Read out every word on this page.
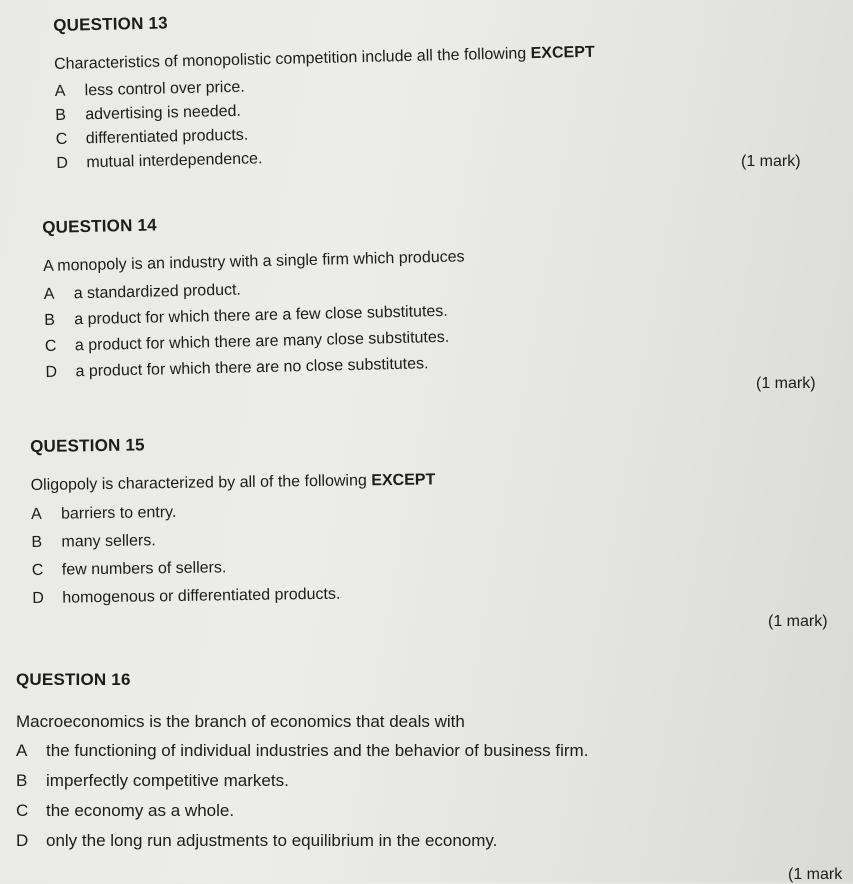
QUESTION 13
Characteristics of monopolistic competition include all the following EXCEPT
A	less control over price.
B	advertising is needed.
C	differentiated products.
D	mutual interdependence.	(1 mark)
QUESTION 14
A monopoly is an industry with a single firm which produces
A	a standardized product.
B	a product for which there are a few close substitutes.
C	a product for which there are many close substitutes.
D	a product for which there are no close substitutes.
(1 mark)
QUESTION 15
Oligopoly is characterized by all of the following EXCEPT
A	barriers to entry.
B	many sellers.
C	few numbers of sellers.
D	homogenous or differentiated products.
(1 mark)
QUESTION 16
Macroeconomics is the branch of economics that deals with
A	the functioning of individual industries and the behavior of business firm.
B	imperfectly competitive markets.
C	the economy as a whole.
D	only the long run adjustments to equilibrium in the economy.
(1 mark
